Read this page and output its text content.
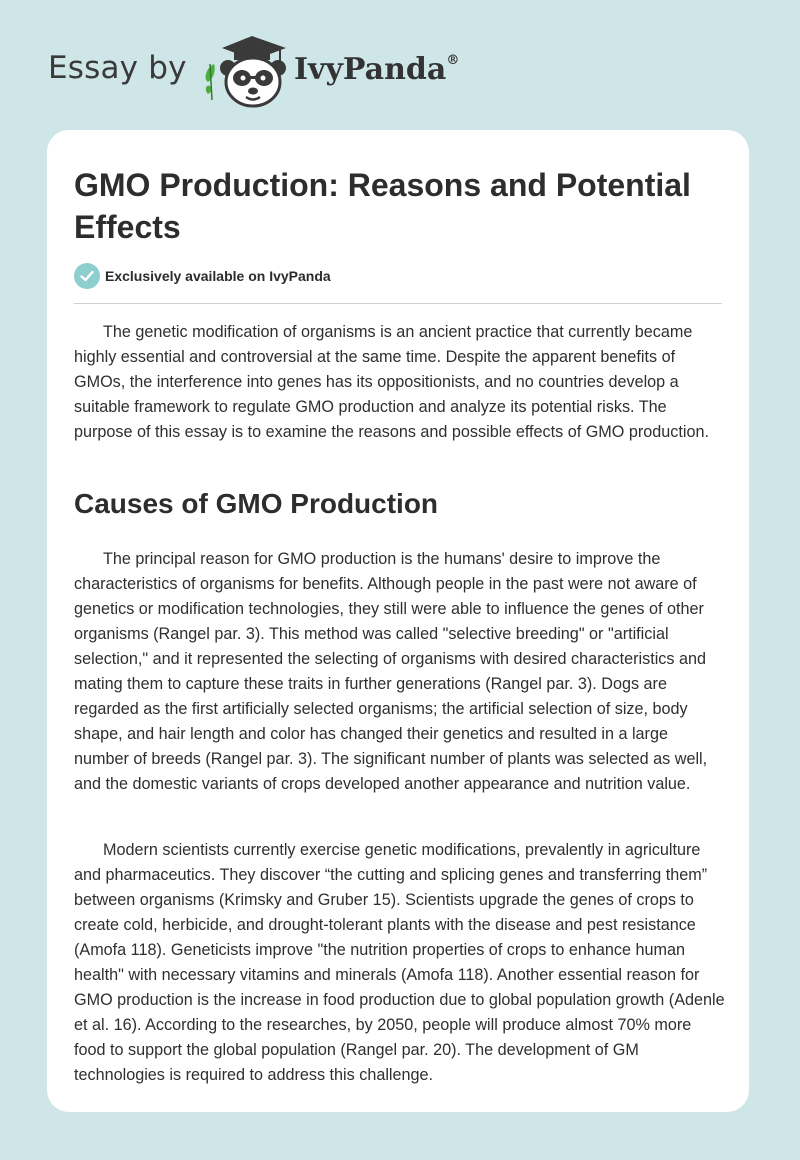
Essay by	IvyPanda®
GMO Production: Reasons and Potential Effects
Exclusively available on IvyPanda

The genetic modification of organisms is an ancient practice that currently became highly essential and controversial at the same time. Despite the apparent benefits of GMOs, the interference into genes has its oppositionists, and no countries develop a suitable framework to regulate GMO production and analyze its potential risks. The purpose of this essay is to examine the reasons and possible effects of GMO production.

Causes of GMO Production

The principal reason for GMO production is the humans' desire to improve the characteristics of organisms for benefits. Although people in the past were not aware of genetics or modification technologies, they still were able to influence the genes of other organisms (Rangel par. 3). This method was called "selective breeding" or "artificial selection," and it represented the selecting of organisms with desired characteristics and mating them to capture these traits in further generations (Rangel par. 3). Dogs are regarded as the first artificially selected organisms; the artificial selection of size, body shape, and hair length and color has changed their genetics and resulted in a large number of breeds (Rangel par. 3). The significant number of plants was selected as well, and the domestic variants of crops developed another appearance and nutrition value.

Modern scientists currently exercise genetic modifications, prevalently in agriculture and pharmaceutics. They discover “the cutting and splicing genes and transferring them” between organisms (Krimsky and Gruber 15). Scientists upgrade the genes of crops to create cold, herbicide, and drought-tolerant plants with the disease and pest resistance (Amofa 118). Geneticists improve "the nutrition properties of crops to enhance human health" with necessary vitamins and minerals (Amofa 118). Another essential reason for GMO production is the increase in food production due to global population growth (Adenle et al. 16). According to the researches, by 2050, people will produce almost 70% more food to support the global population (Rangel par. 20). The development of GM technologies is required to address this challenge.
